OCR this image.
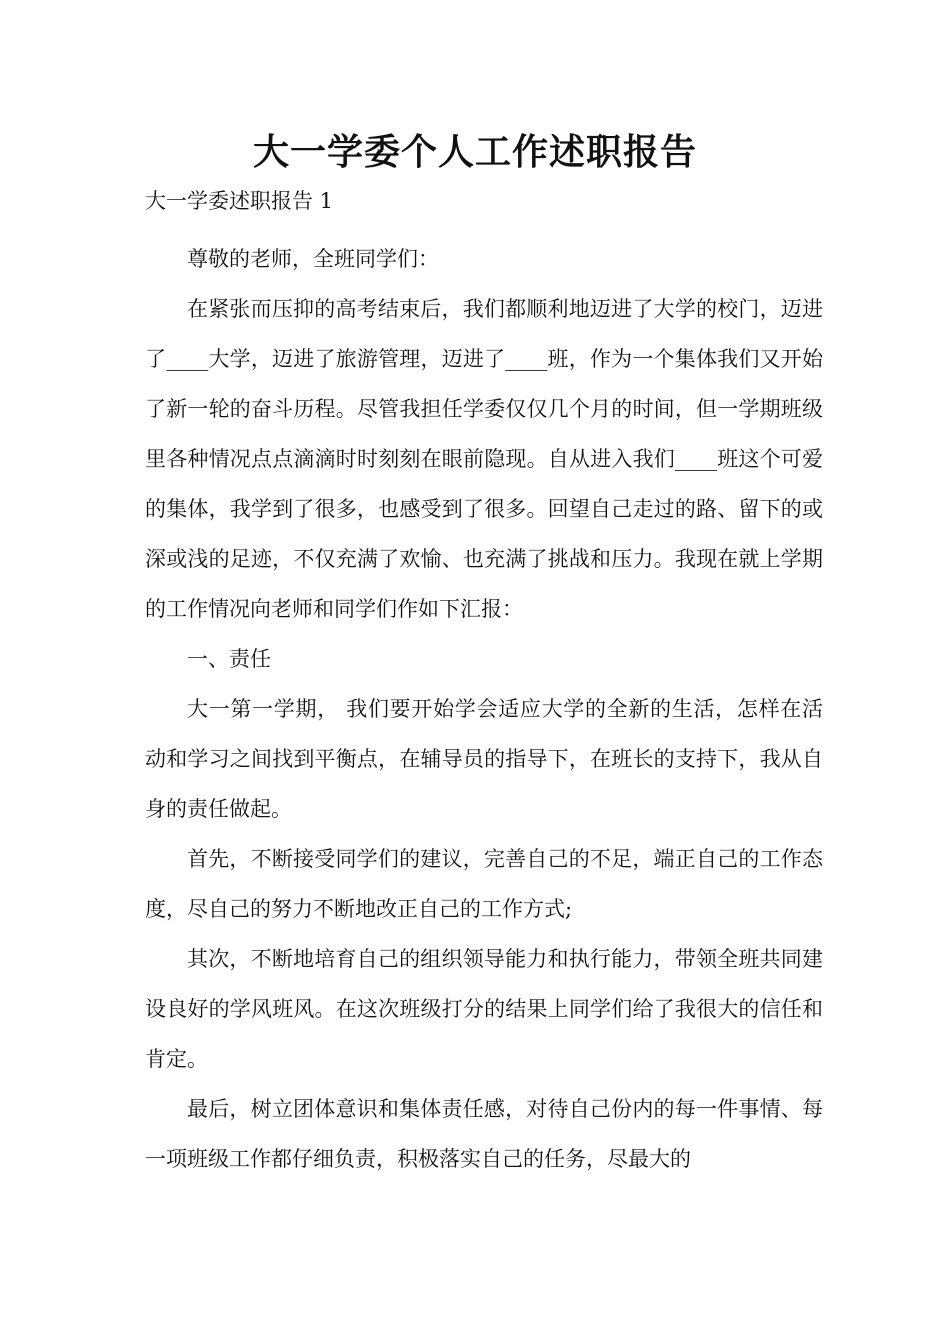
大一学委个人工作述职报告
大一学委述职报告 1

尊敬的老师，全班同学们：

在紧张而压抑的高考结束后，我们都顺利地迈进了大学的校门，迈进了____大学，迈进了旅游管理，迈进了____班，作为一个集体我们又开始了新一轮的奋斗历程。尽管我担任学委仅仅几个月的时间，但一学期班级里各种情况点点滴滴时时刻刻在眼前隐现。自从进入我们____班这个可爱的集体，我学到了很多，也感受到了很多。回望自己走过的路、留下的或深或浅的足迹，不仅充满了欢愉、也充满了挑战和压力。我现在就上学期的工作情况向老师和同学们作如下汇报：

一、责任

大一第一学期， 我们要开始学会适应大学的全新的生活，怎样在活动和学习之间找到平衡点，在辅导员的指导下，在班长的支持下，我从自身的责任做起。

首先，不断接受同学们的建议，完善自己的不足，端正自己的工作态度，尽自己的努力不断地改正自己的工作方式;

其次，不断地培育自己的组织领导能力和执行能力，带领全班共同建设良好的学风班风。在这次班级打分的结果上同学们给了我很大的信任和肯定。

最后，树立团体意识和集体责任感，对待自己份内的每一件事情、每一项班级工作都仔细负责，积极落实自己的任务，尽最大的
